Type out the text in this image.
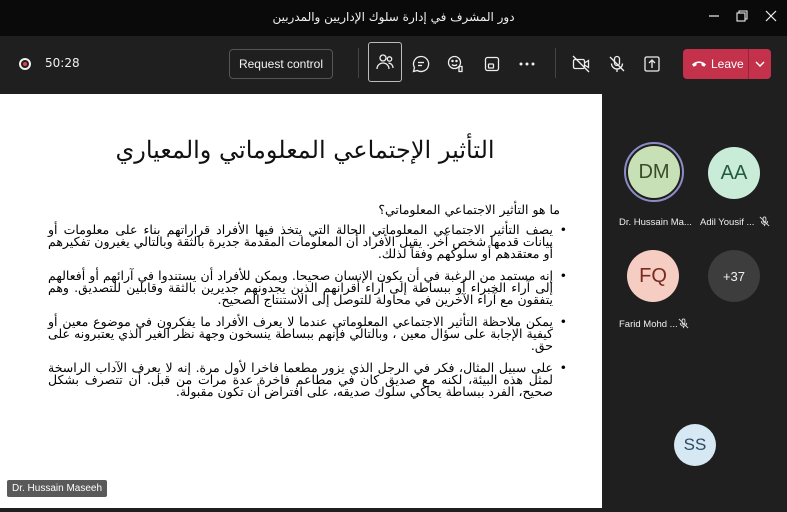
دور المشرف في إدارة سلوك الإداريين والمدربين
50:28	Request control	Leave
التأثير الإجتماعي المعلوماتي والمعياري
ما هو التأثير الاجتماعي المعلوماتي؟
• يصف التأثير الاجتماعي المعلوماتي الحالة التي يتخذ فيها الأفراد قراراتهم بناء على معلومات أو بيانات قدمها شخص آخر. يقبل الأفراد أن المعلومات المقدمة جديرة بالثقة وبالتالي يغيرون تفكيرهم أو معتقدهم أو سلوكهم وفقاً لذلك.
• إنه مستمد من الرغبة في أن يكون الإنسان صحيحا. ويمكن للأفراد أن يستندوا في آرائهم أو أفعالهم إلى آراء الخبراء أو ببساطة إلى آراء أقرانهم الذين يجدونهم جديرين بالثقة وقابلين للتصديق. وهم يتفقون مع آراء الآخرين في محاولة للتوصل إلى الاستنتاج الصحيح.
• يمكن ملاحظة التأثير الاجتماعي المعلوماتي عندما لا يعرف الأفراد ما يفكرون في موضوع معين أو كيفية الإجابة على سؤال معين ، وبالتالي فإنهم ببساطة ينسخون وجهة نظر الغير الذي يعتبرونه على حق.
• على سبيل المثال، فكر في الرجل الذي يزور مطعما فاخرا لأول مرة. إنه لا يعرف الآداب الراسخة لمثل هذه البيئة، لكنه مع صديق كان في مطاعم فاخرة عدة مرات من قبل. أن تتصرف بشكل صحيح، الفرد ببساطة يحاكي سلوك صديقه، على افتراض أن تكون مقبولة.
Dr. Hussain Maseeh
DM
Dr. Hussain Ma...
AA
Adil Yousif ...
FQ
Farid Mohd ...
+37
SS
